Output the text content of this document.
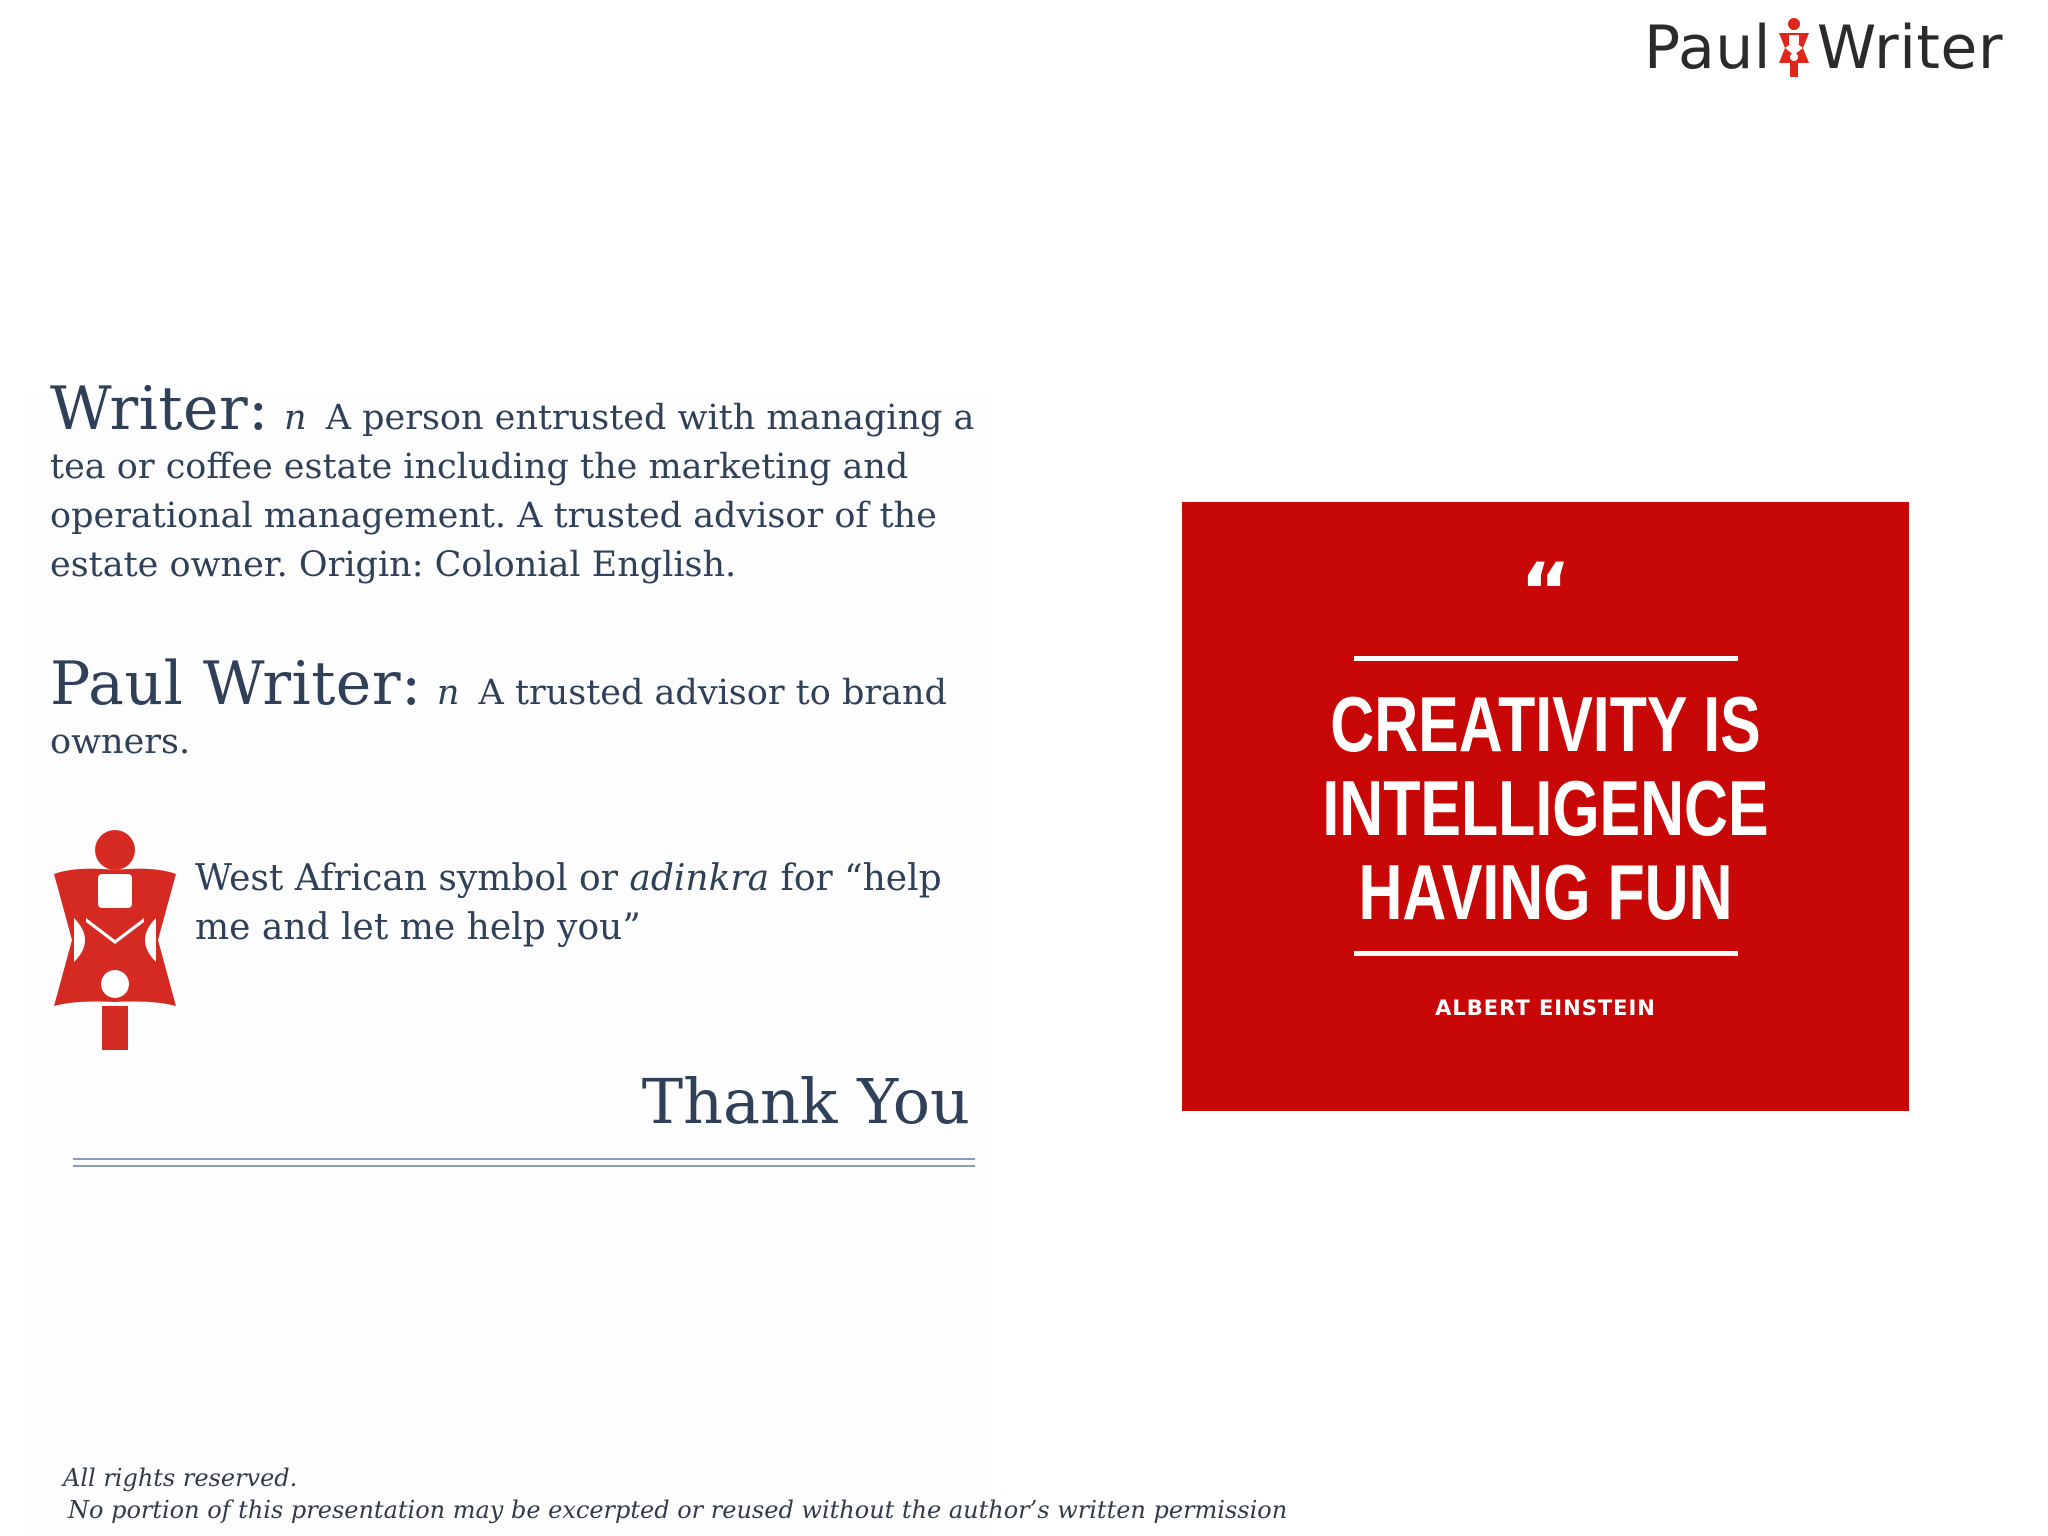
Paul Writer
Writer: n A person entrusted with managing a tea or coffee estate including the marketing and operational management. A trusted advisor of the estate owner. Origin: Colonial English.
Paul Writer: n A trusted advisor to brand owners.
West African symbol or adinkra for “help me and let me help you”
Thank You
“
CREATIVITY IS
INTELLIGENCE
HAVING FUN
ALBERT EINSTEIN
All rights reserved.
No portion of this presentation may be excerpted or reused without the author’s written permission
